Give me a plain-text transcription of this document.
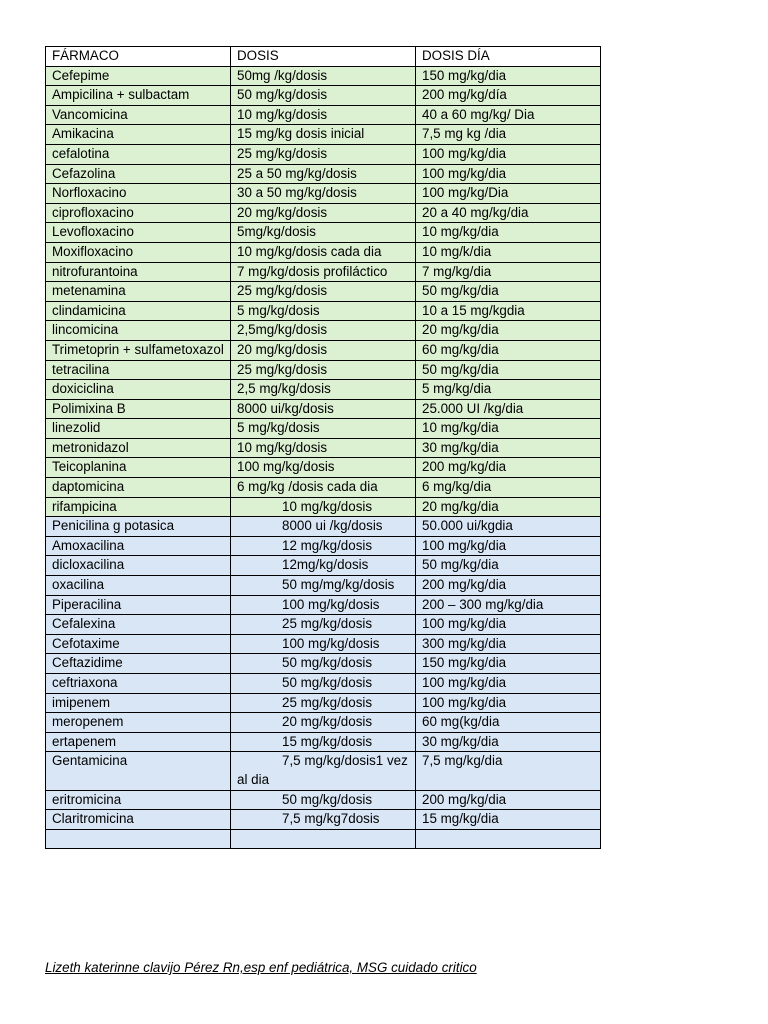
FÁRMACO	DOSIS	DOSIS DÍA
Cefepime	50mg /kg/dosis	150 mg/kg/dia
Ampicilina + sulbactam	50 mg/kg/dosis	200 mg/kg/día
Vancomicina	10 mg/kg/dosis	40 a 60 mg/kg/ Dia
Amikacina	15 mg/kg dosis inicial	7,5 mg kg /dia
cefalotina	25 mg/kg/dosis	100 mg/kg/dia
Cefazolina	25 a 50 mg/kg/dosis	100 mg/kg/dia
Norfloxacino	30 a 50 mg/kg/dosis	100 mg/kg/Dia
ciprofloxacino	20 mg/kg/dosis	20 a 40 mg/kg/dia
Levofloxacino	5mg/kg/dosis	10 mg/kg/dia
Moxifloxacino	10 mg/kg/dosis cada dia	10 mg/k/dia
nitrofurantoina	7 mg/kg/dosis profiláctico	7 mg/kg/dia
metenamina	25 mg/kg/dosis	50 mg/kg/dia
clindamicina	5 mg/kg/dosis	10 a 15 mg/kgdia
lincomicina	2,5mg/kg/dosis	20 mg/kg/dia
Trimetoprin + sulfametoxazol	20 mg/kg/dosis	60 mg/kg/dia
tetracilina	25 mg/kg/dosis	50 mg/kg/dia
doxiciclina	2,5 mg/kg/dosis	5 mg/kg/dia
Polimixina B	8000 ui/kg/dosis	25.000 UI /kg/dia
linezolid	5 mg/kg/dosis	10 mg/kg/dia
metronidazol	10 mg/kg/dosis	30 mg/kg/dia
Teicoplanina	100 mg/kg/dosis	200 mg/kg/dia
daptomicina	6 mg/kg /dosis cada dia	6 mg/kg/dia
rifampicina	10 mg/kg/dosis	20 mg/kg/dia
Penicilina g potasica	8000 ui /kg/dosis	50.000 ui/kgdia
Amoxacilina	12 mg/kg/dosis	100 mg/kg/dia
dicloxacilina	12mg/kg/dosis	50 mg/kg/dia
oxacilina	50 mg/mg/kg/dosis	200 mg/kg/dia
Piperacilina	100 mg/kg/dosis	200 – 300 mg/kg/dia
Cefalexina	25 mg/kg/dosis	100 mg/kg/dia
Cefotaxime	100 mg/kg/dosis	300 mg/kg/dia
Ceftazidime	50 mg/kg/dosis	150 mg/kg/dia
ceftriaxona	50 mg/kg/dosis	100 mg/kg/dia
imipenem	25 mg/kg/dosis	100 mg/kg/dia
meropenem	20 mg/kg/dosis	60 mg(kg/dia
ertapenem	15 mg/kg/dosis	30 mg/kg/dia
Gentamicina	7,5 mg/kg/dosis1 vez al dia	7,5 mg/kg/dia
eritromicina	50 mg/kg/dosis	200 mg/kg/dia
Claritromicina	7,5 mg/kg7dosis	15 mg/kg/dia

Lizeth katerinne clavijo Pérez Rn,esp enf pediátrica, MSG cuidado critico
